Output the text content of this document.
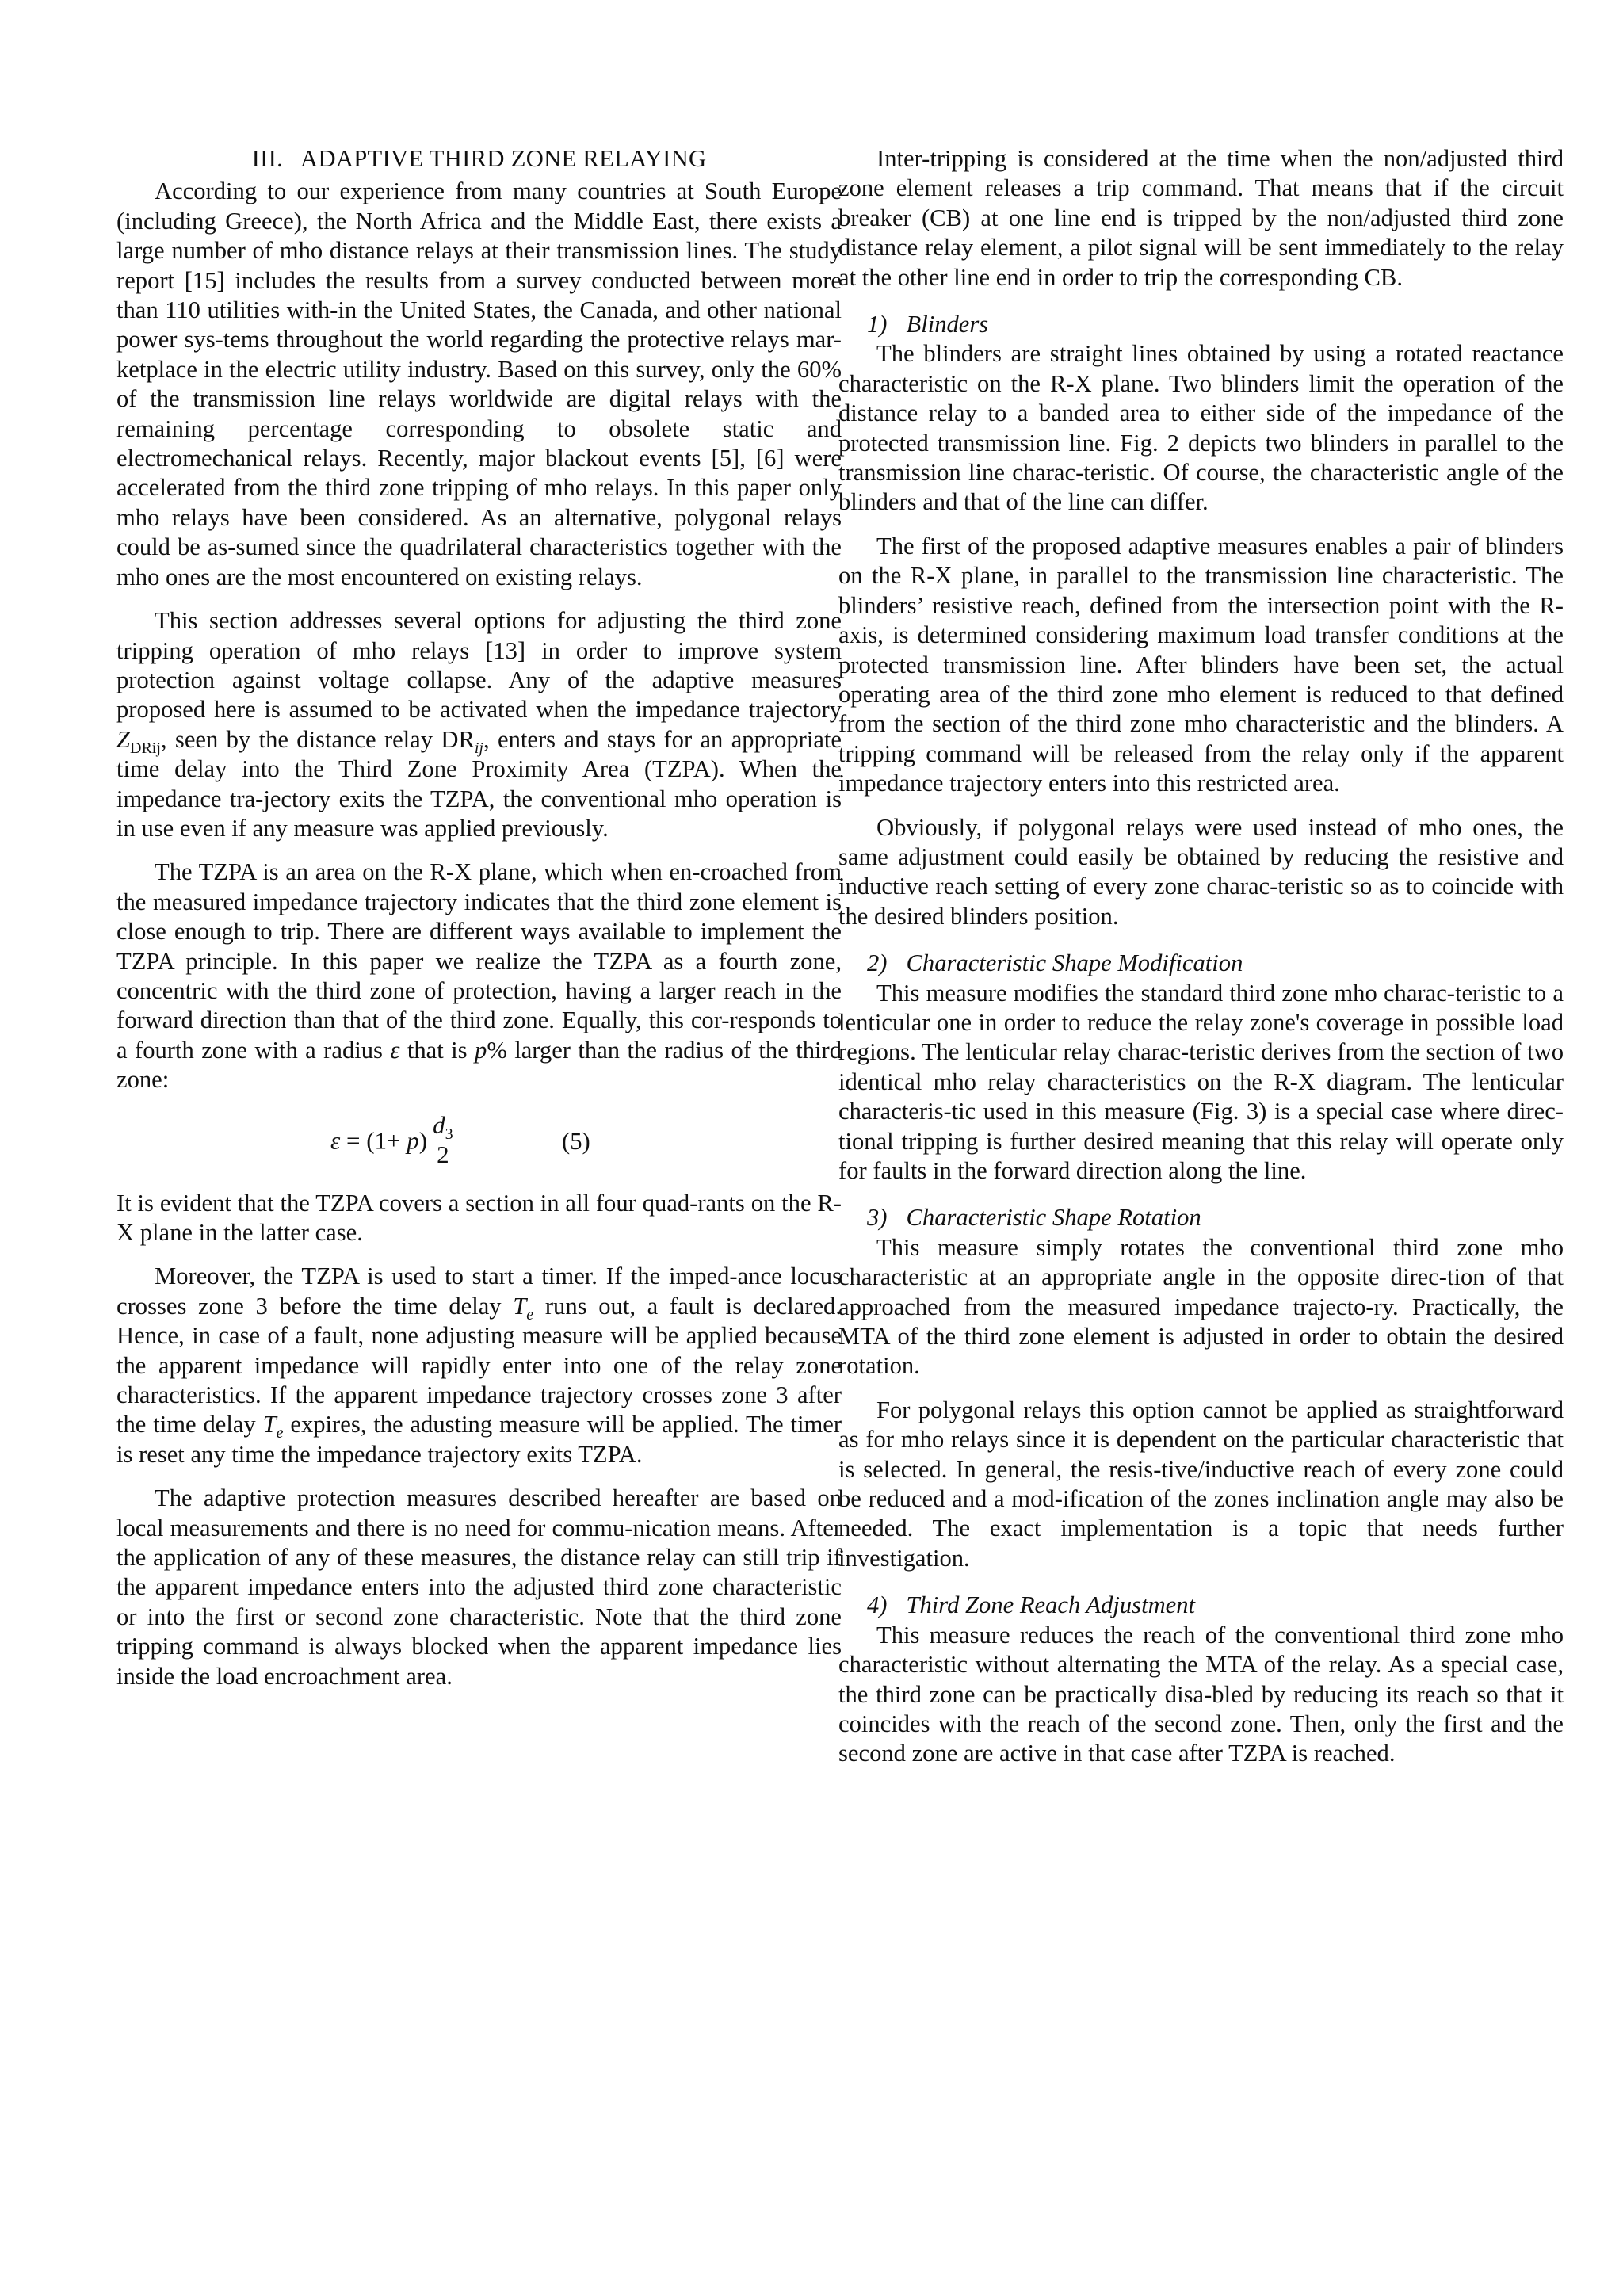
III. ADAPTIVE THIRD ZONE RELAYING

According to our experience from many countries at South Europe (including Greece), the North Africa and the Middle East, there exists a large number of mho distance relays at their transmission lines. The study report [15] includes the results from a survey conducted between more than 110 utilities with-in the United States, the Canada, and other national power sys-tems throughout the world regarding the protective relays mar-ketplace in the electric utility industry. Based on this survey, only the 60% of the transmission line relays worldwide are digital relays with the remaining percentage corresponding to obsolete static and electromechanical relays. Recently, major blackout events [5], [6] were accelerated from the third zone tripping of mho relays. In this paper only mho relays have been considered. As an alternative, polygonal relays could be as-sumed since the quadrilateral characteristics together with the mho ones are the most encountered on existing relays.

This section addresses several options for adjusting the third zone tripping operation of mho relays [13] in order to improve system protection against voltage collapse. Any of the adaptive measures proposed here is assumed to be activated when the impedance trajectory $Z_{DRij}$, seen by the distance relay $DR_{ij}$, enters and stays for an appropriate time delay into the Third Zone Proximity Area (TZPA). When the impedance tra-jectory exits the TZPA, the conventional mho operation is in use even if any measure was applied previously.

The TZPA is an area on the R-X plane, which when en-croached from the measured impedance trajectory indicates that the third zone element is close enough to trip. There are different ways available to implement the TZPA principle. In this paper we realize the TZPA as a fourth zone, concentric with the third zone of protection, having a larger reach in the forward direction than that of the third zone. Equally, this cor-responds to a fourth zone with a radius ε that is p% larger than the radius of the third zone:

$\varepsilon = (1+ p) \frac{d_3}{2}$	(5)

It is evident that the TZPA covers a section in all four quad-rants on the R-X plane in the latter case.

Moreover, the TZPA is used to start a timer. If the imped-ance locus crosses zone 3 before the time delay $T_e$ runs out, a fault is declared. Hence, in case of a fault, none adjusting measure will be applied because the apparent impedance will rapidly enter into one of the relay zone characteristics. If the apparent impedance trajectory crosses zone 3 after the time delay $T_e$ expires, the adusting measure will be applied. The timer is reset any time the impedance trajectory exits TZPA.

The adaptive protection measures described hereafter are based on local measurements and there is no need for commu-nication means. After the application of any of these measures, the distance relay can still trip if the apparent impedance enters into the adjusted third zone characteristic or into the first or second zone characteristic. Note that the third zone tripping command is always blocked when the apparent impedance lies inside the load encroachment area.

Inter-tripping is considered at the time when the non/adjusted third zone element releases a trip command. That means that if the circuit breaker (CB) at one line end is tripped by the non/adjusted third zone distance relay element, a pilot signal will be sent immediately to the relay at the other line end in order to trip the corresponding CB.

1) Blinders

The blinders are straight lines obtained by using a rotated reactance characteristic on the R-X plane. Two blinders limit the operation of the distance relay to a banded area to either side of the impedance of the protected transmission line. Fig. 2 depicts two blinders in parallel to the transmission line charac-teristic. Of course, the characteristic angle of the blinders and that of the line can differ.

The first of the proposed adaptive measures enables a pair of blinders on the R-X plane, in parallel to the transmission line characteristic. The blinders’ resistive reach, defined from the intersection point with the R-axis, is determined considering maximum load transfer conditions at the protected transmission line. After blinders have been set, the actual operating area of the third zone mho element is reduced to that defined from the section of the third zone mho characteristic and the blinders. A tripping command will be released from the relay only if the apparent impedance trajectory enters into this restricted area.

Obviously, if polygonal relays were used instead of mho ones, the same adjustment could easily be obtained by reducing the resistive and inductive reach setting of every zone charac-teristic so as to coincide with the desired blinders position.

2) Characteristic Shape Modification

This measure modifies the standard third zone mho charac-teristic to a lenticular one in order to reduce the relay zone's coverage in possible load regions. The lenticular relay charac-teristic derives from the section of two identical mho relay characteristics on the R-X diagram. The lenticular characteris-tic used in this measure (Fig. 3) is a special case where direc-tional tripping is further desired meaning that this relay will operate only for faults in the forward direction along the line.

3) Characteristic Shape Rotation

This measure simply rotates the conventional third zone mho characteristic at an appropriate angle in the opposite direc-tion of that approached from the measured impedance trajecto-ry. Practically, the MTA of the third zone element is adjusted in order to obtain the desired rotation.

For polygonal relays this option cannot be applied as straightforward as for mho relays since it is dependent on the particular characteristic that is selected. In general, the resis-tive/inductive reach of every zone could be reduced and a mod-ification of the zones inclination angle may also be needed. The exact implementation is a topic that needs further investigation.

4) Third Zone Reach Adjustment

This measure reduces the reach of the conventional third zone mho characteristic without alternating the MTA of the relay. As a special case, the third zone can be practically disa-bled by reducing its reach so that it coincides with the reach of the second zone. Then, only the first and the second zone are active in that case after TZPA is reached.
